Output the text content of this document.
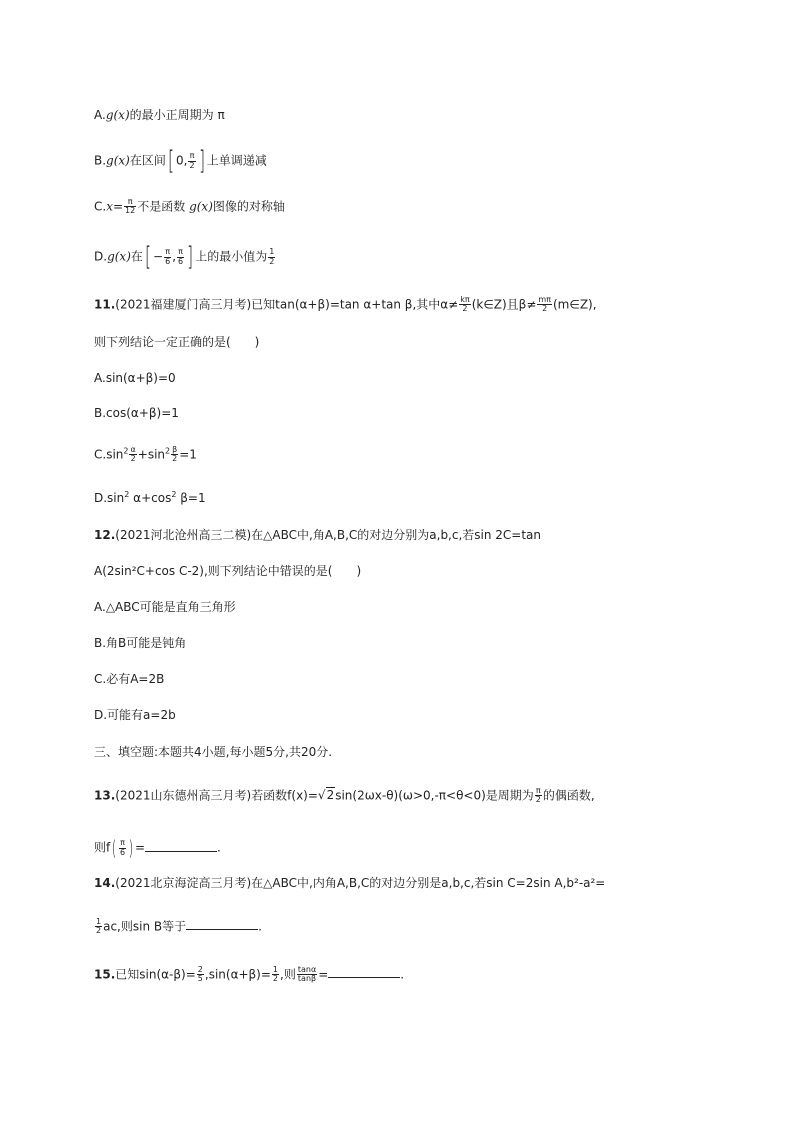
A.g(x)的最小正周期为 π
B.g(x)在区间[ 0, $\frac{\pi}{2}$ ] 上单调递减
$C.x= \frac{\pi}{12}$ 不是函数 g(x)图像的对称轴
D.g(x)在[ − $\frac{\pi}{6}$ , $\frac{\pi}{6}$ ] 上的最小值为 $\frac{1}{2}$
11.(2021福建厦门高三月考)已知tan(α+β)=tan α+tan β,其中$\alpha\ne \frac{k\pi}{2}$ (k∈Z)且$\beta\ne \frac{m\pi}{2}$ (m∈Z),
则下列结论一定正确的是(　　)
A.sin(α+β)=0
B.cos(α+β)=1
$C.\sin^2 \frac{\alpha}{2} +\sin^2 \frac{\beta}{2} =1$
$D.\sin^2$ $\alpha+\cos^2$ β=1
12.(2021河北沧州高三二模)在△ABC中,角A,B,C的对边分别为a,b,c,若sin 2C=tan
A(2sin²C+cos C-2),则下列结论中错误的是(　　)
A.△ABC可能是直角三角形
B.角B可能是钝角
C.必有A=2B
D.可能有a=2b
三、填空题:本题共4小题,每小题5分,共20分.
13.(2021山东德州高三月考)若函数f(x)=√2sin(2ωx-θ)(ω>0,-π<θ<0)是周期为 $\frac{\pi}{2}$ 的偶函数,
则$f( \frac{\pi}{6}$ ) =	.
14.(2021北京海淀高三月考)在△ABC中,内角A,B,C的对边分别是a,b,c,若sin C=2sin A,b²-a²=
$\frac{1}{2}$ ac,则sin B等于	.
15.已知$\sin(\alpha-\beta)= \frac{2}{5} ,\sin(\alpha+\beta)= \frac{1}{2}$ ,则 $\frac{\tan\alpha}{\tan\beta}$ =	.
